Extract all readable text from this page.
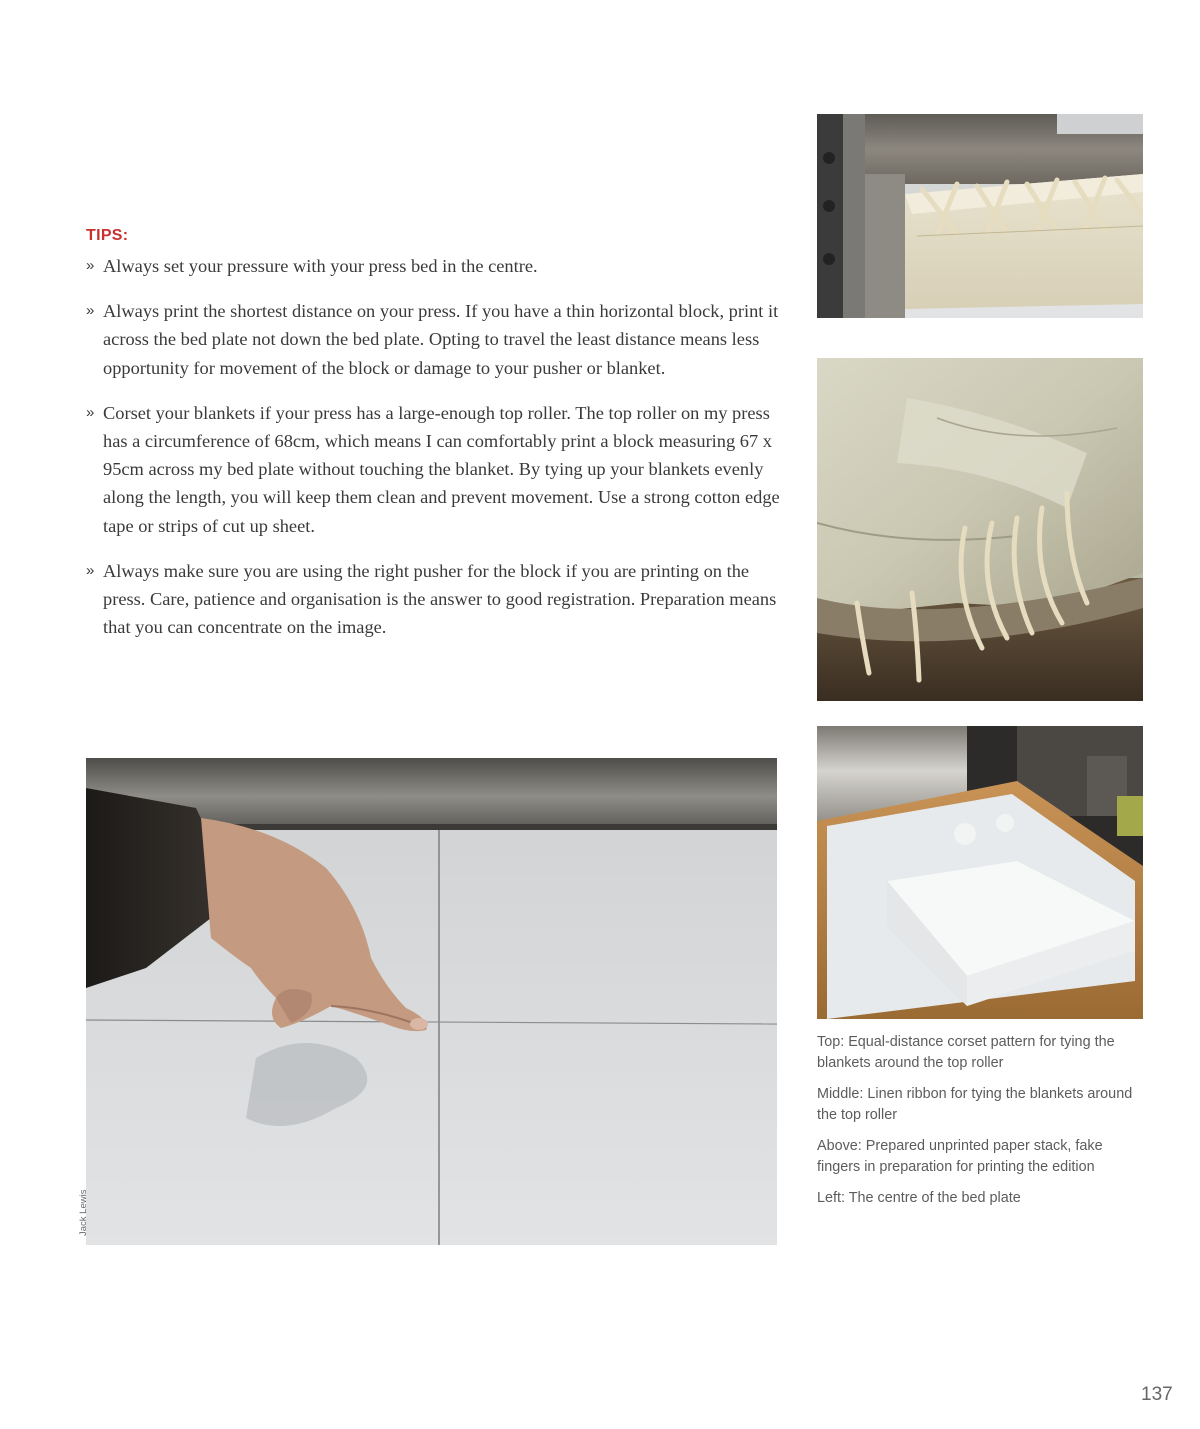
TIPS:
» Always set your pressure with your press bed in the centre.
» Always print the shortest distance on your press. If you have a thin horizontal block, print it across the bed plate not down the bed plate. Opting to travel the least distance means less opportunity for movement of the block or damage to your pusher or blanket.
» Corset your blankets if your press has a large-enough top roller. The top roller on my press has a circumference of 68cm, which means I can comfortably print a block measuring 67 x 95cm across my bed plate without touching the blanket. By tying up your blankets evenly along the length, you will keep them clean and prevent movement. Use a strong cotton edge tape or strips of cut up sheet.
» Always make sure you are using the right pusher for the block if you are printing on the press. Care, patience and organisation is the answer to good registration. Preparation means that you can concentrate on the image.
Jack Lewis

Top: Equal-distance corset pattern for tying the blankets around the top roller

Middle: Linen ribbon for tying the blankets around the top roller

Above: Prepared unprinted paper stack, fake fingers in preparation for printing the edition

Left: The centre of the bed plate

137
